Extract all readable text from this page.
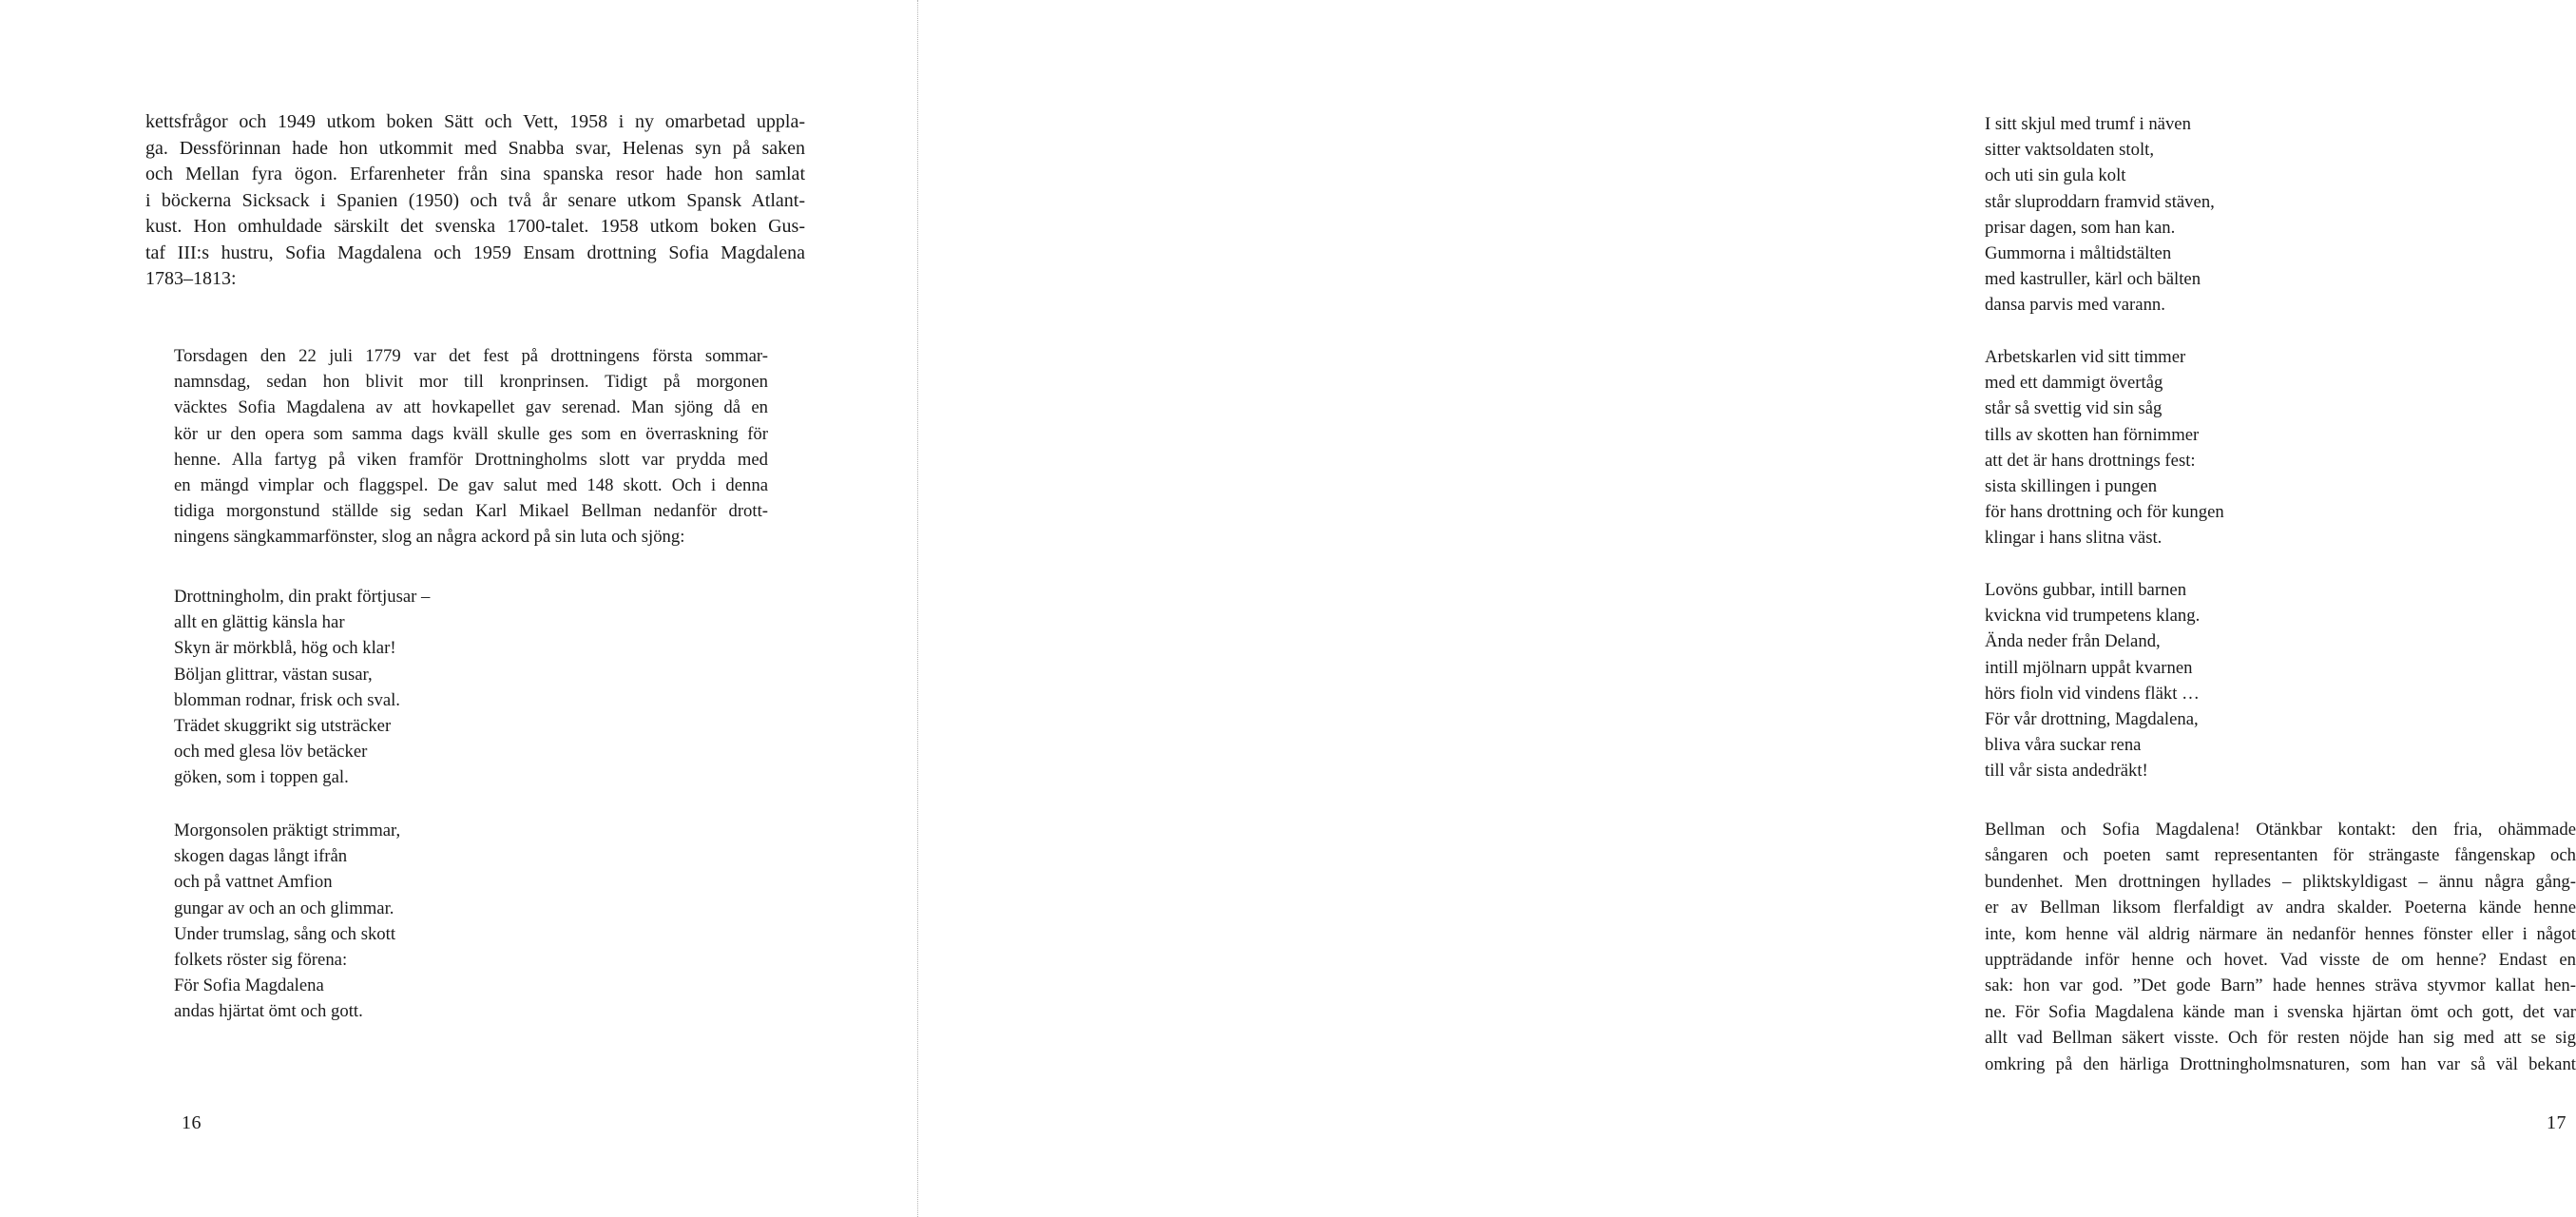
kettsfrågor och 1949 utkom boken Sätt och Vett, 1958 i ny omarbetad uppla-
ga. Dessförinnan hade hon utkommit med Snabba svar, Helenas syn på saken
och Mellan fyra ögon. Erfarenheter från sina spanska resor hade hon samlat
i böckerna Sicksack i Spanien (1950) och två år senare utkom Spansk Atlant-
kust. Hon omhuldade särskilt det svenska 1700-talet. 1958 utkom boken Gus-
taf III:s hustru, Sofia Magdalena och 1959 Ensam drottning Sofia Magdalena
1783–1813:
Torsdagen den 22 juli 1779 var det fest på drottningens första sommar-
namnsdag, sedan hon blivit mor till kronprinsen. Tidigt på morgonen
väcktes Sofia Magdalena av att hovkapellet gav serenad. Man sjöng då en
kör ur den opera som samma dags kväll skulle ges som en överraskning för
henne. Alla fartyg på viken framför Drottningholms slott var prydda med
en mängd vimplar och flaggspel. De gav salut med 148 skott. Och i denna
tidiga morgonstund ställde sig sedan Karl Mikael Bellman nedanför drott-
ningens sängkammarfönster, slog an några ackord på sin luta och sjöng:
Drottningholm, din prakt förtjusar –
allt en glättig känsla har
Skyn är mörkblå, hög och klar!
Böljan glittrar, västan susar,
blomman rodnar, frisk och sval.
Trädet skuggrikt sig utsträcker
och med glesa löv betäcker
göken, som i toppen gal.
Morgonsolen präktigt strimmar,
skogen dagas långt ifrån
och på vattnet Amfion
gungar av och an och glimmar.
Under trumslag, sång och skott
folkets röster sig förena:
För Sofia Magdalena
andas hjärtat ömt och gott.
16
I sitt skjul med trumf i näven
sitter vaktsoldaten stolt,
och uti sin gula kolt
står sluproddarn framvid stäven,
prisar dagen, som han kan.
Gummorna i måltidstälten
med kastruller, kärl och bälten
dansa parvis med varann.
Arbetskarlen vid sitt timmer
med ett dammigt övertåg
står så svettig vid sin såg
tills av skotten han förnimmer
att det är hans drottnings fest:
sista skillingen i pungen
för hans drottning och för kungen
klingar i hans slitna väst.
Lovöns gubbar, intill barnen
kvickna vid trumpetens klang.
Ända neder från Deland,
intill mjölnarn uppåt kvarnen
hörs fioln vid vindens fläkt …
För vår drottning, Magdalena,
bliva våra suckar rena
till vår sista andedräkt!
Bellman och Sofia Magdalena! Otänkbar kontakt: den fria, ohämmade
sångaren och poeten samt representanten för strängaste fångenskap och
bundenhet. Men drottningen hyllades – pliktskyldigast – ännu några gång-
er av Bellman liksom flerfaldigt av andra skalder. Poeterna kände henne
inte, kom henne väl aldrig närmare än nedanför hennes fönster eller i något
uppträdande inför henne och hovet. Vad visste de om henne? Endast en
sak: hon var god. ”Det gode Barn” hade hennes sträva styvmor kallat hen-
ne. För Sofia Magdalena kände man i svenska hjärtan ömt och gott, det var
allt vad Bellman säkert visste. Och för resten nöjde han sig med att se sig
omkring på den härliga Drottningholmsnaturen, som han var så väl bekant
17
